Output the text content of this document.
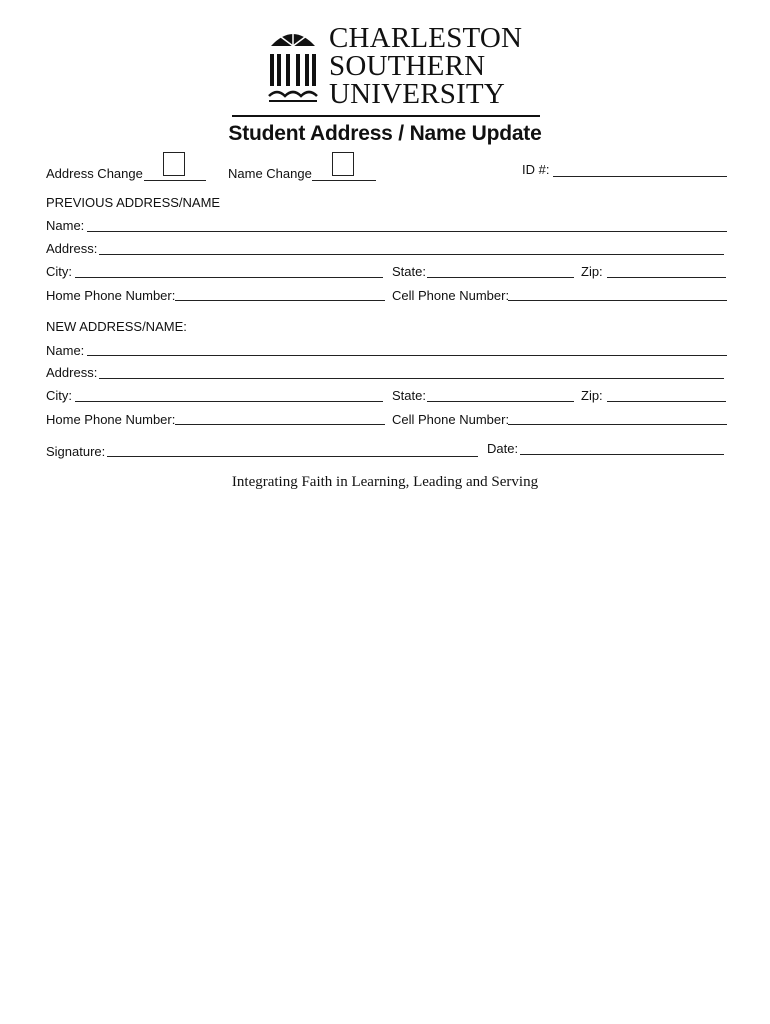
CHARLESTON
SOUTHERN
UNIVERSITY
Student Address / Name Update
Address Change	Name Change	ID #:
PREVIOUS ADDRESS/NAME
Name:
Address:
City:	State:	Zip:
Home Phone Number:	Cell Phone Number:
NEW ADDRESS/NAME:
Name:
Address:
City:	State:	Zip:
Home Phone Number:	Cell Phone Number:
Signature:	Date:
Integrating Faith in Learning, Leading and Serving
